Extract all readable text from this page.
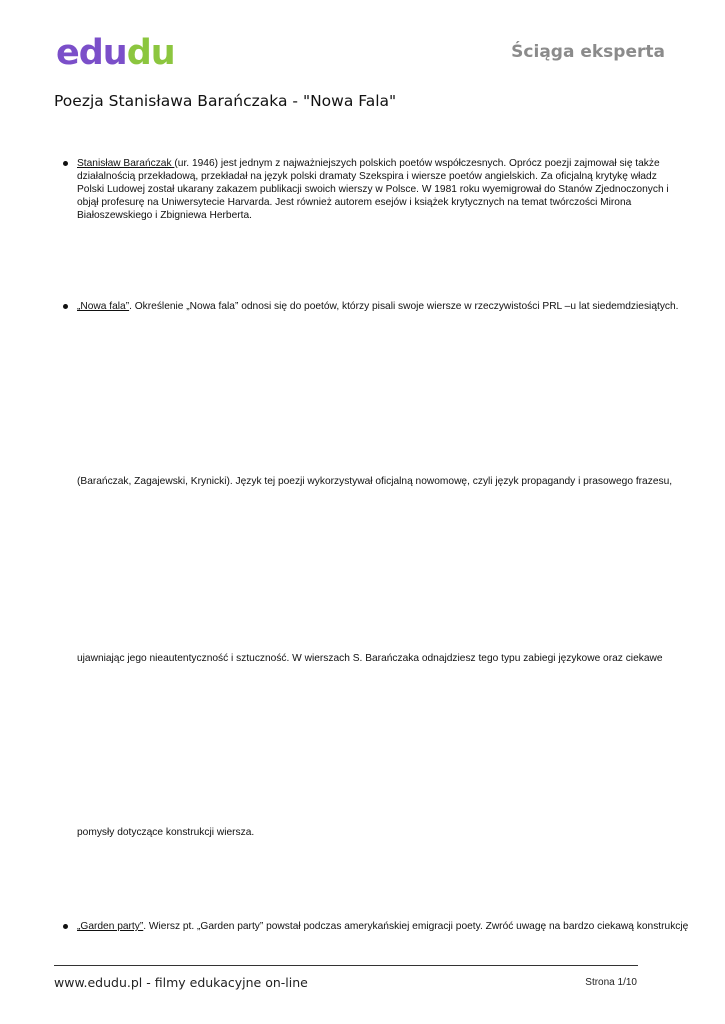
edudu	Ściąga eksperta
Poezja Stanisława Barańczaka - "Nowa Fala"
Stanisław Barańczak (ur. 1946) jest jednym z najważniejszych polskich poetów współczesnych. Oprócz poezji zajmował się także działalnością przekładową, przekładał na język polski dramaty Szekspira i wiersze poetów angielskich. Za oficjalną krytykę władz Polski Ludowej został ukarany zakazem publikacji swoich wierszy w Polsce. W 1981 roku wyemigrował do Stanów Zjednoczonych i objął profesurę na Uniwersytecie Harvarda. Jest również autorem esejów i książek krytycznych na temat twórczości Mirona Białoszewskiego i Zbigniewa Herberta.
„Nowa fala”. Określenie „Nowa fala” odnosi się do poetów, którzy pisali swoje wiersze w rzeczywistości PRL –u lat siedemdziesiątych.
(Barańczak, Zagajewski, Krynicki). Język tej poezji wykorzystywał oficjalną nowomowę, czyli język propagandy i prasowego frazesu,
ujawniając jego nieautentyczność i sztuczność. W wierszach S. Barańczaka odnajdziesz tego typu zabiegi językowe oraz ciekawe
pomysły dotyczące konstrukcji wiersza.
„Garden party”. Wiersz pt. „Garden party” powstał podczas amerykańskiej emigracji poety. Zwróć uwagę na bardzo ciekawą konstrukcję
www.edudu.pl - filmy edukacyjne on-line	Strona 1/10
